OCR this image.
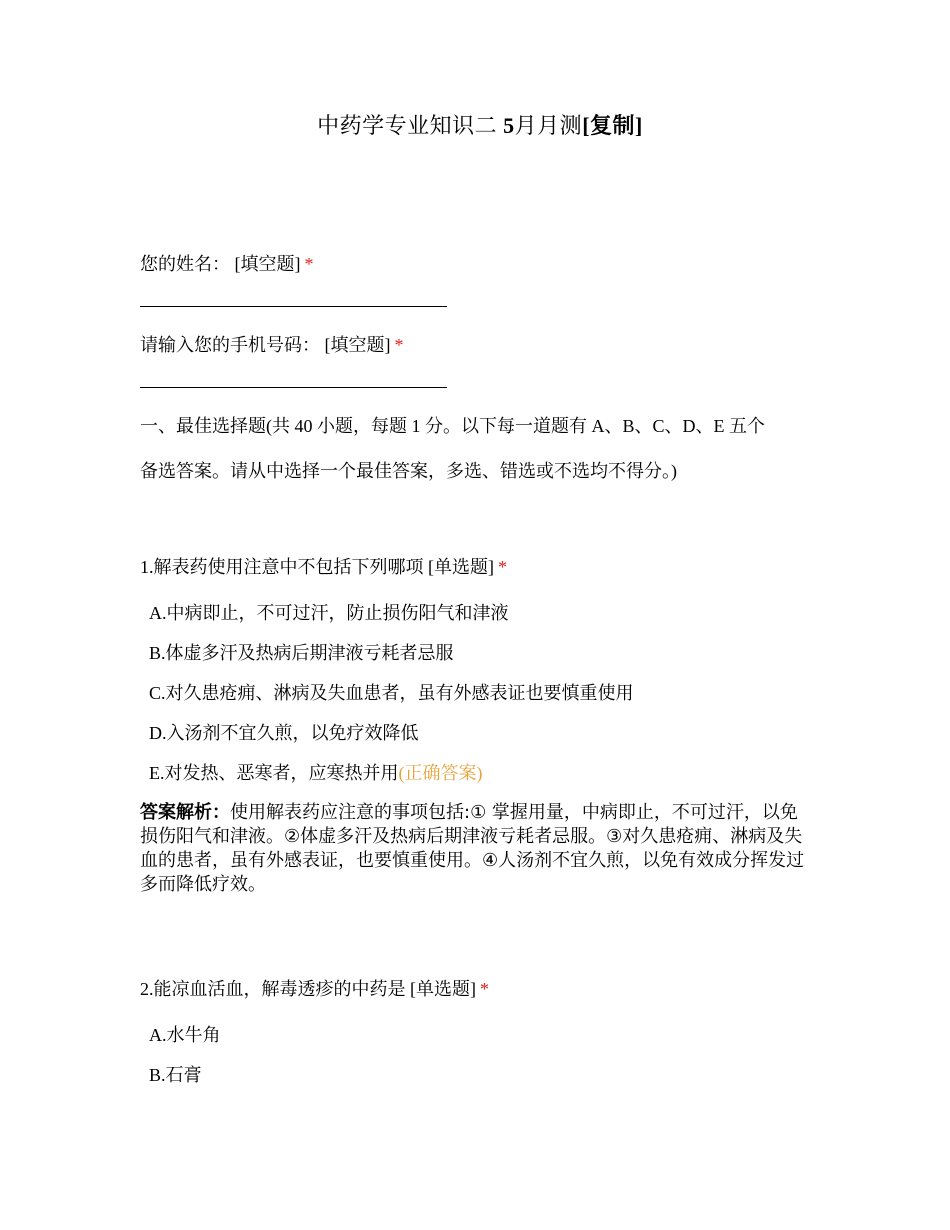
中药学专业知识二 5月月测[复制]
您的姓名： [填空题] *
请输入您的手机号码： [填空题] *
一、最佳选择题(共 40 小题，每题 1 分。以下每一道题有 A、B、C、D、E 五个
备选答案。请从中选择一个最佳答案，多选、错选或不选均不得分。)
1.解表药使用注意中不包括下列哪项 [单选题] *
A.中病即止，不可过汗，防止损伤阳气和津液
B.体虚多汗及热病后期津液亏耗者忌服
C.对久患疮痈、淋病及失血患者，虽有外感表证也要慎重使用
D.入汤剂不宜久煎，以免疗效降低
E.对发热、恶寒者，应寒热并用(正确答案)
答案解析：使用解表药应注意的事项包括:① 掌握用量，中病即止，不可过汗，以免损伤阳气和津液。②体虚多汗及热病后期津液亏耗者忌服。③对久患疮痈、淋病及失血的患者，虽有外感表证，也要慎重使用。④人汤剂不宜久煎，以免有效成分挥发过多而降低疗效。
2.能凉血活血，解毒透疹的中药是 [单选题] *
A.水牛角
B.石膏
